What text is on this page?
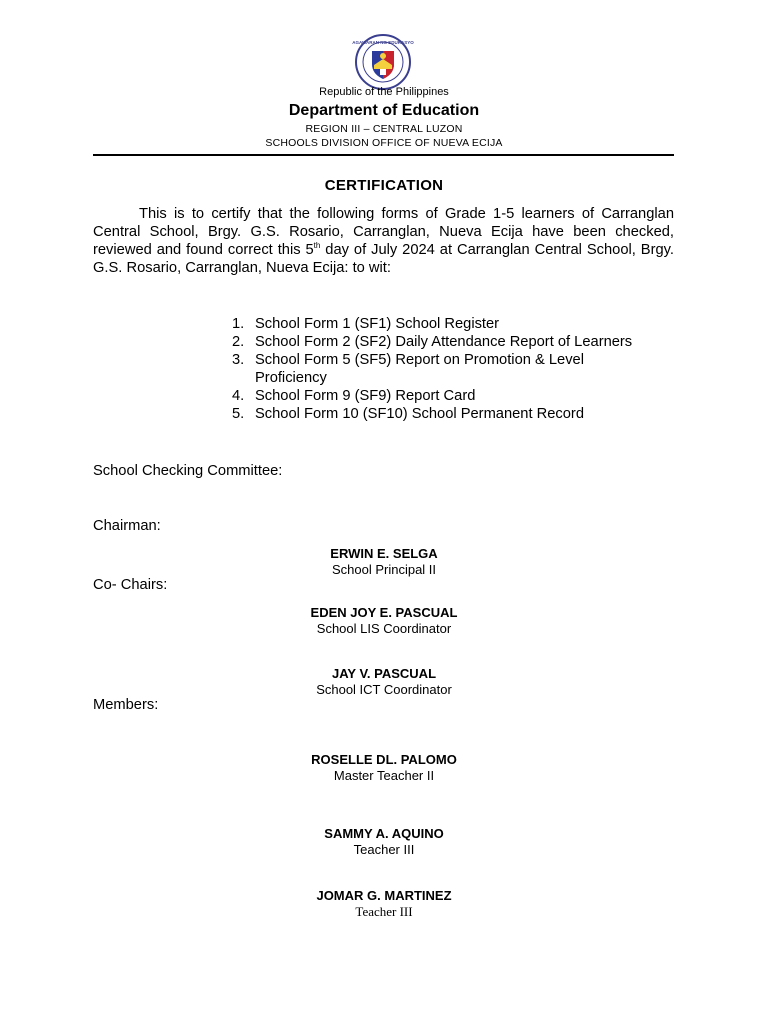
KAGAWARAN NG EDUKASYON
Republic of the Philippines
Department of Education
REGION III – CENTRAL LUZON
SCHOOLS DIVISION OFFICE OF NUEVA ECIJA
CERTIFICATION
This is to certify that the following forms of Grade 1-5 learners of Carranglan Central School, Brgy. G.S. Rosario, Carranglan, Nueva Ecija have been checked, reviewed and found correct this 5th day of July 2024 at Carranglan Central School, Brgy. G.S. Rosario, Carranglan, Nueva Ecija: to wit:
1. School Form 1 (SF1) School Register
2. School Form 2 (SF2) Daily Attendance Report of Learners
3. School Form 5 (SF5) Report on Promotion & Level Proficiency
4. School Form 9 (SF9) Report Card
5. School Form 10 (SF10) School Permanent Record
School Checking Committee:
Chairman:
ERWIN E. SELGA
School Principal II
Co- Chairs:
EDEN JOY E. PASCUAL
School LIS Coordinator
JAY V. PASCUAL
School ICT Coordinator
Members:
ROSELLE DL. PALOMO
Master Teacher II
SAMMY A. AQUINO
Teacher III
JOMAR G. MARTINEZ
Teacher III
